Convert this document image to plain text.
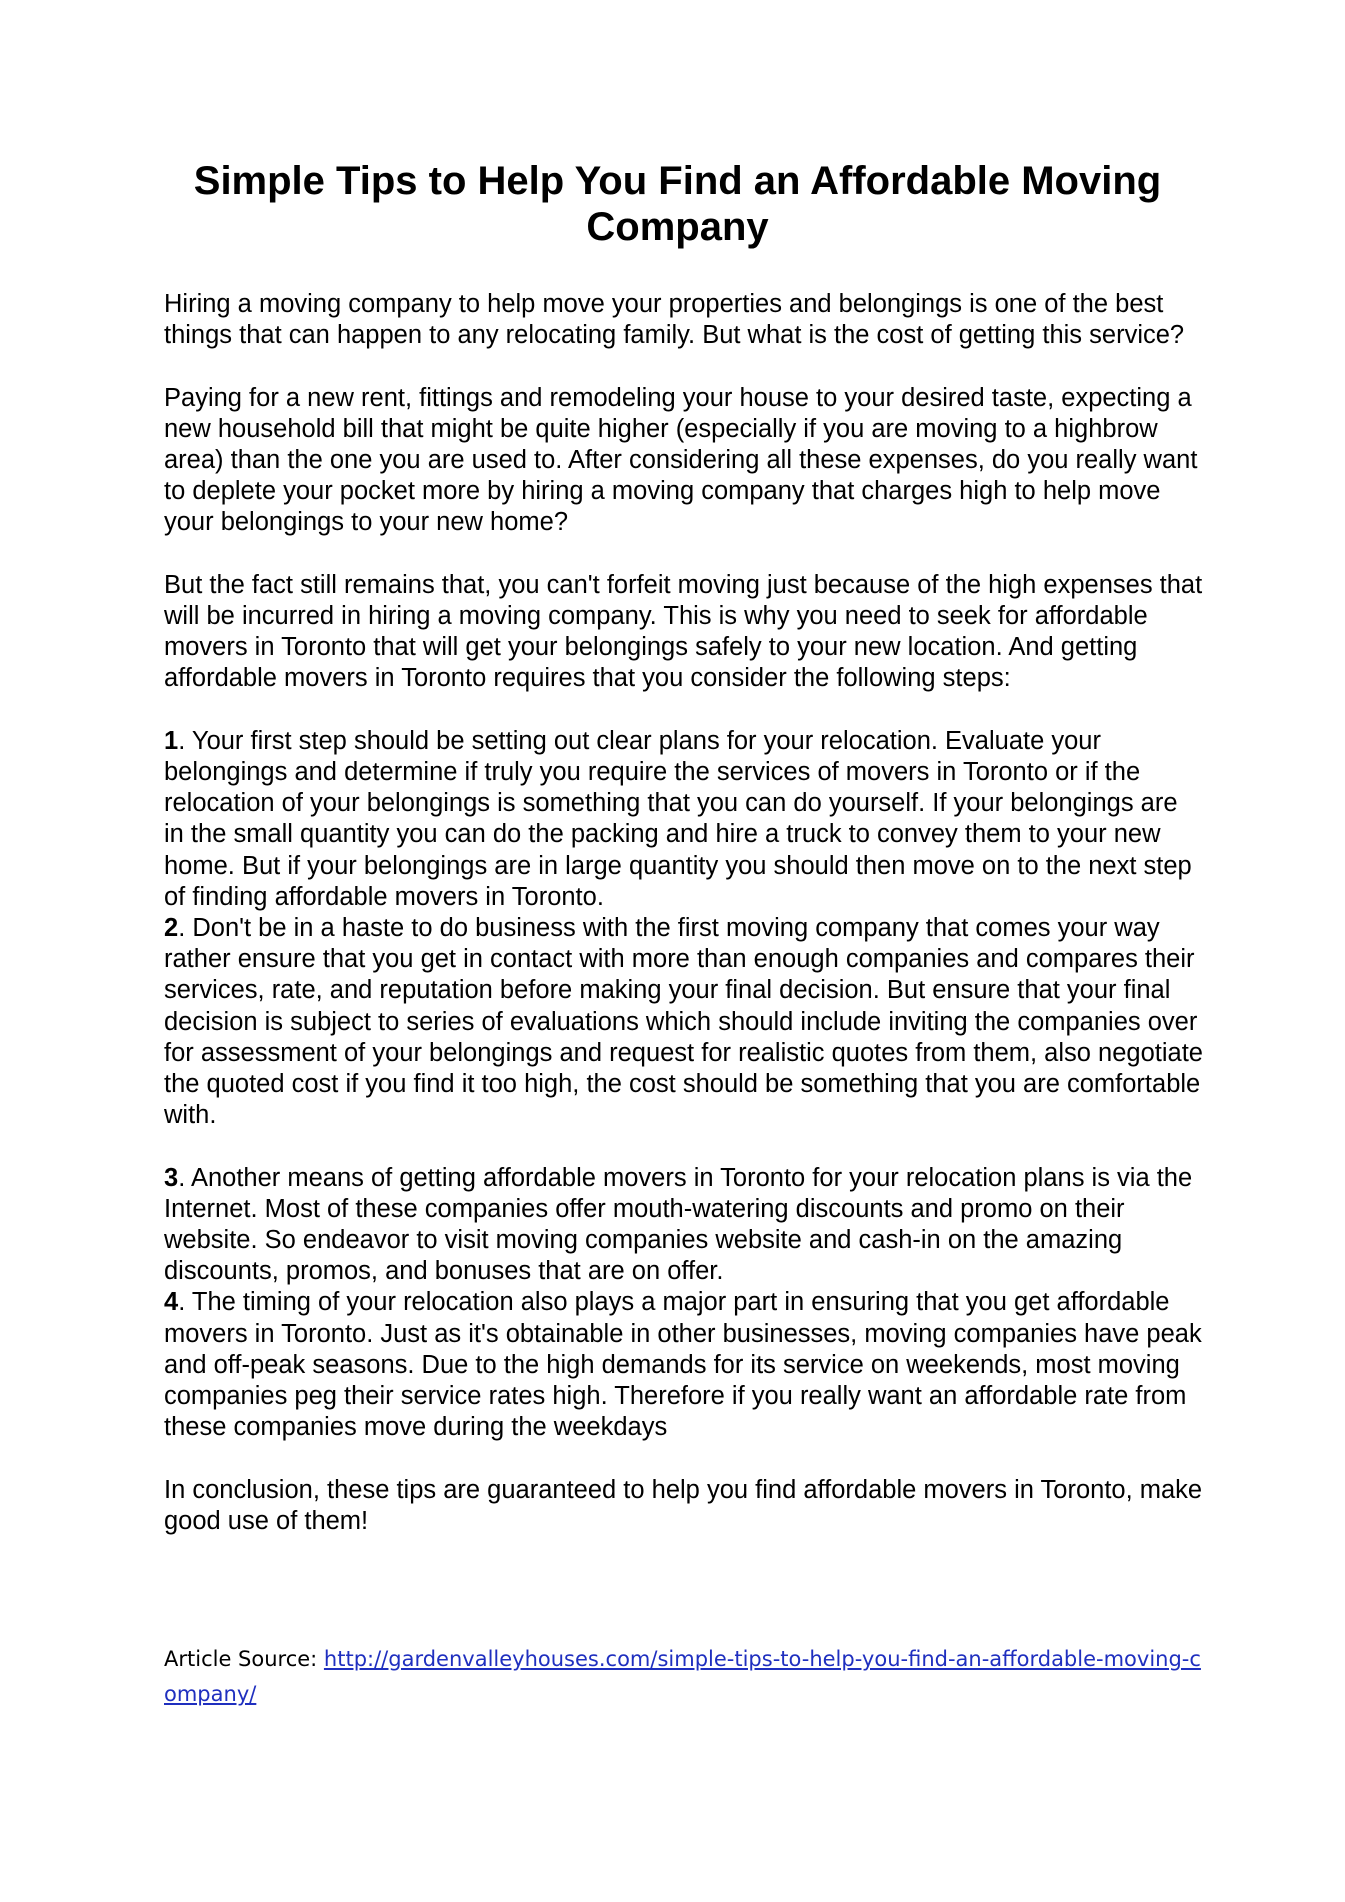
Simple Tips to Help You Find an Affordable Moving Company

Hiring a moving company to help move your properties and belongings is one of the best things that can happen to any relocating family. But what is the cost of getting this service?

Paying for a new rent, fittings and remodeling your house to your desired taste, expecting a new household bill that might be quite higher (especially if you are moving to a highbrow area) than the one you are used to. After considering all these expenses, do you really want to deplete your pocket more by hiring a moving company that charges high to help move your belongings to your new home?

But the fact still remains that, you can't forfeit moving just because of the high expenses that will be incurred in hiring a moving company. This is why you need to seek for affordable movers in Toronto that will get your belongings safely to your new location. And getting affordable movers in Toronto requires that you consider the following steps:

1. Your first step should be setting out clear plans for your relocation. Evaluate your belongings and determine if truly you require the services of movers in Toronto or if the relocation of your belongings is something that you can do yourself. If your belongings are in the small quantity you can do the packing and hire a truck to convey them to your new home. But if your belongings are in large quantity you should then move on to the next step of finding affordable movers in Toronto.

2. Don't be in a haste to do business with the first moving company that comes your way rather ensure that you get in contact with more than enough companies and compares their services, rate, and reputation before making your final decision. But ensure that your final decision is subject to series of evaluations which should include inviting the companies over for assessment of your belongings and request for realistic quotes from them, also negotiate the quoted cost if you find it too high, the cost should be something that you are comfortable with.

3. Another means of getting affordable movers in Toronto for your relocation plans is via the Internet. Most of these companies offer mouth-watering discounts and promo on their website. So endeavor to visit moving companies website and cash-in on the amazing discounts, promos, and bonuses that are on offer.

4. The timing of your relocation also plays a major part in ensuring that you get affordable movers in Toronto. Just as it's obtainable in other businesses, moving companies have peak and off-peak seasons. Due to the high demands for its service on weekends, most moving companies peg their service rates high. Therefore if you really want an affordable rate from these companies move during the weekdays

In conclusion, these tips are guaranteed to help you find affordable movers in Toronto, make good use of them!

Article Source: http://gardenvalleyhouses.com/simple-tips-to-help-you-find-an-affordable-moving-company/
